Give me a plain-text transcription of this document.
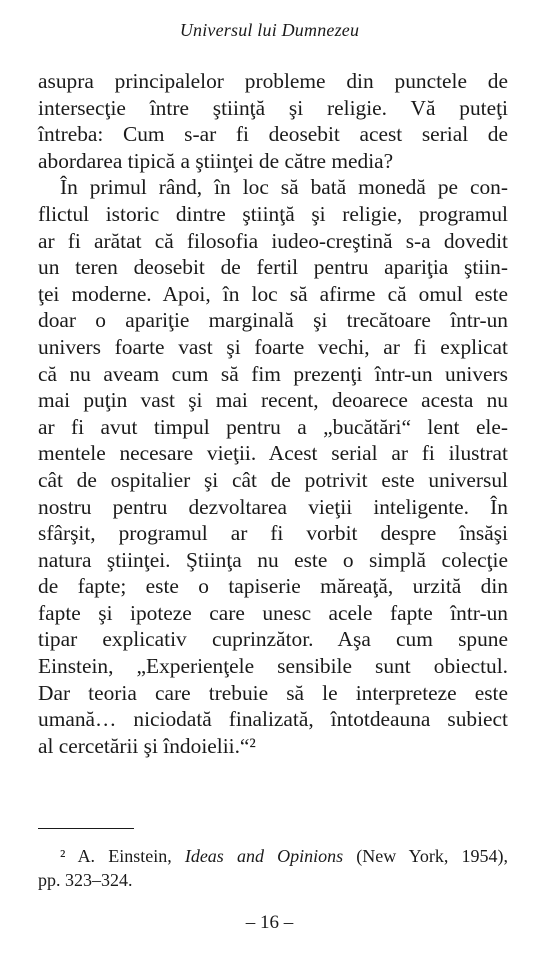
Universul lui Dumnezeu
asupra principalelor probleme din punctele de
intersecţie între ştiinţă şi religie. Vă puteţi
întreba: Cum s-ar fi deosebit acest serial de
abordarea tipică a ştiinţei de către media?
În primul rând, în loc să bată monedă pe con-
flictul istoric dintre ştiinţă şi religie, programul
ar fi arătat că filosofia iudeo-creştină s-a dovedit
un teren deosebit de fertil pentru apariţia ştiin-
ţei moderne. Apoi, în loc să afirme că omul este
doar o apariţie marginală şi trecătoare într-un
univers foarte vast şi foarte vechi, ar fi explicat
că nu aveam cum să fim prezenţi într-un univers
mai puţin vast şi mai recent, deoarece acesta nu
ar fi avut timpul pentru a „bucătări“ lent ele-
mentele necesare vieţii. Acest serial ar fi ilustrat
cât de ospitalier şi cât de potrivit este universul
nostru pentru dezvoltarea vieţii inteligente. În
sfârşit, programul ar fi vorbit despre însăşi
natura ştiinţei. Ştiinţa nu este o simplă colecţie
de fapte; este o tapiserie măreaţă, urzită din
fapte şi ipoteze care unesc acele fapte într-un
tipar explicativ cuprinzător. Aşa cum spune
Einstein, „Experienţele sensibile sunt obiectul.
Dar teoria care trebuie să le interpreteze este
umană… niciodată finalizată, întotdeauna subiect
al cercetării şi îndoielii.“²
² A. Einstein, Ideas and Opinions (New York, 1954),
pp. 323–324.
– 16 –
